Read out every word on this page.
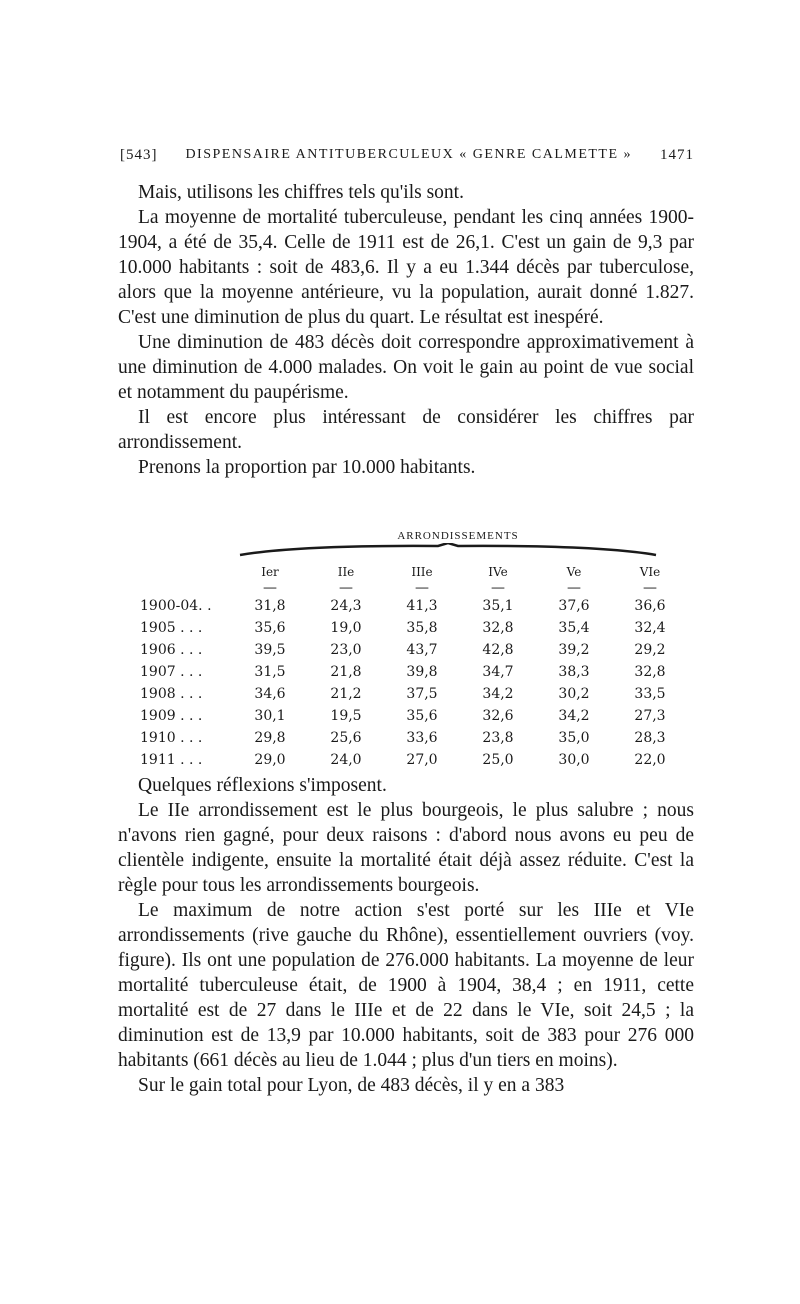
[543] DISPENSAIRE ANTITUBERCULEUX « GENRE CALMETTE » 1471

Mais, utilisons les chiffres tels qu'ils sont.

La moyenne de mortalité tuberculeuse, pendant les cinq années 1900-1904, a été de 35,4. Celle de 1911 est de 26,1. C'est un gain de 9,3 par 10.000 habitants : soit de 483,6. Il y a eu 1.344 décès par tuberculose, alors que la moyenne antérieure, vu la population, aurait donné 1.827. C'est une diminution de plus du quart. Le résultat est inespéré.

Une diminution de 483 décès doit correspondre approximativement à une diminution de 4.000 malades. On voit le gain au point de vue social et notamment du paupérisme.

Il est encore plus intéressant de considérer les chiffres par arrondissement.

Prenons la proportion par 10.000 habitants.

ARRONDISSEMENTS
Ier	IIe	IIIe	IVe	Ve	VIe
—	—	—	—	—	—
1900-04. .	31,8	24,3	41,3	35,1	37,6	36,6
1905 . . .	35,6	19,0	35,8	32,8	35,4	32,4
1906 . . .	39,5	23,0	43,7	42,8	39,2	29,2
1907 . . .	31,5	21,8	39,8	34,7	38,3	32,8
1908 . . .	34,6	21,2	37,5	34,2	30,2	33,5
1909 . . .	30,1	19,5	35,6	32,6	34,2	27,3
1910 . . .	29,8	25,6	33,6	23,8	35,0	28,3
1911 . . .	29,0	24,0	27,0	25,0	30,0	22,0

Quelques réflexions s'imposent.

Le IIe arrondissement est le plus bourgeois, le plus salubre ; nous n'avons rien gagné, pour deux raisons : d'abord nous avons eu peu de clientèle indigente, ensuite la mortalité était déjà assez réduite. C'est la règle pour tous les arrondissements bourgeois.

Le maximum de notre action s'est porté sur les IIIe et VIe arrondissements (rive gauche du Rhône), essentiellement ouvriers (voy. figure). Ils ont une population de 276.000 habitants. La moyenne de leur mortalité tuberculeuse était, de 1900 à 1904, 38,4 ; en 1911, cette mortalité est de 27 dans le IIIe et de 22 dans le VIe, soit 24,5 ; la diminution est de 13,9 par 10.000 habitants, soit de 383 pour 276 000 habitants (661 décès au lieu de 1.044 ; plus d'un tiers en moins).

Sur le gain total pour Lyon, de 483 décès, il y en a 383
